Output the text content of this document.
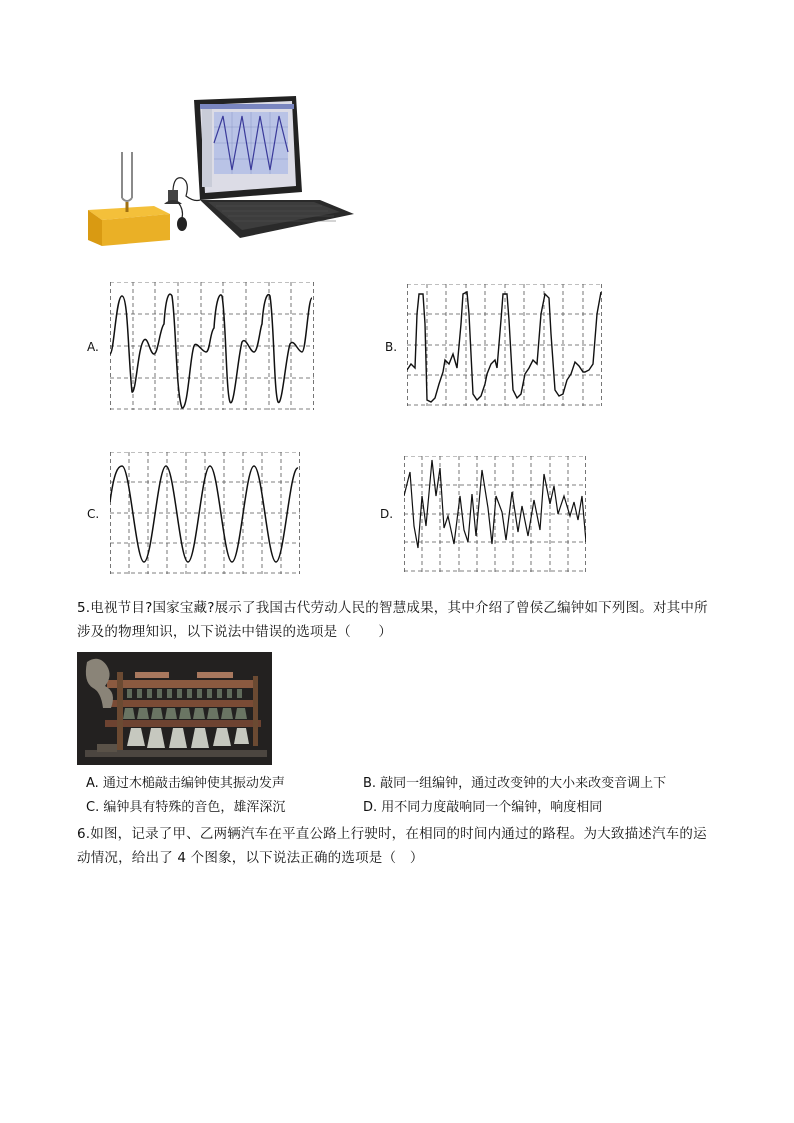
A.	B.
C.	D.
5.电视节目?国家宝藏?展示了我国古代劳动人民的智慧成果，其中介绍了曾侯乙编钟如下列图。对其中所
涉及的物理知识，以下说法中错误的选项是（　　）
A. 通过木槌敲击编钟使其振动发声	B. 敲同一组编钟，通过改变钟的大小来改变音调上下
C. 编钟具有特殊的音色，雄浑深沉	D. 用不同力度敲响同一个编钟，响度相同
6.如图，记录了甲、乙两辆汽车在平直公路上行驶时，在相同的时间内通过的路程。为大致描述汽车的运
动情况，给出了 4 个图象，以下说法正确的选项是（　）
